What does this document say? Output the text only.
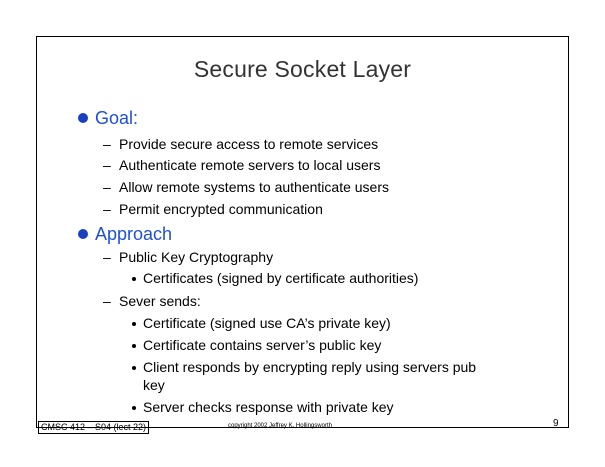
Secure Socket Layer
Goal:
– Provide secure access to remote services
– Authenticate remote servers to local users
– Allow remote systems to authenticate users
– Permit encrypted communication
Approach
– Public Key Cryptography
Certificates (signed by certificate authorities)
– Sever sends:
Certificate (signed use CA’s private key)
Certificate contains server’s public key
Client responds by encrypting reply using servers pub
key
Server checks response with private key
CMSC 412 – S04 (lect 22)	copyright 2002 Jeffrey K. Hollingsworth	9
